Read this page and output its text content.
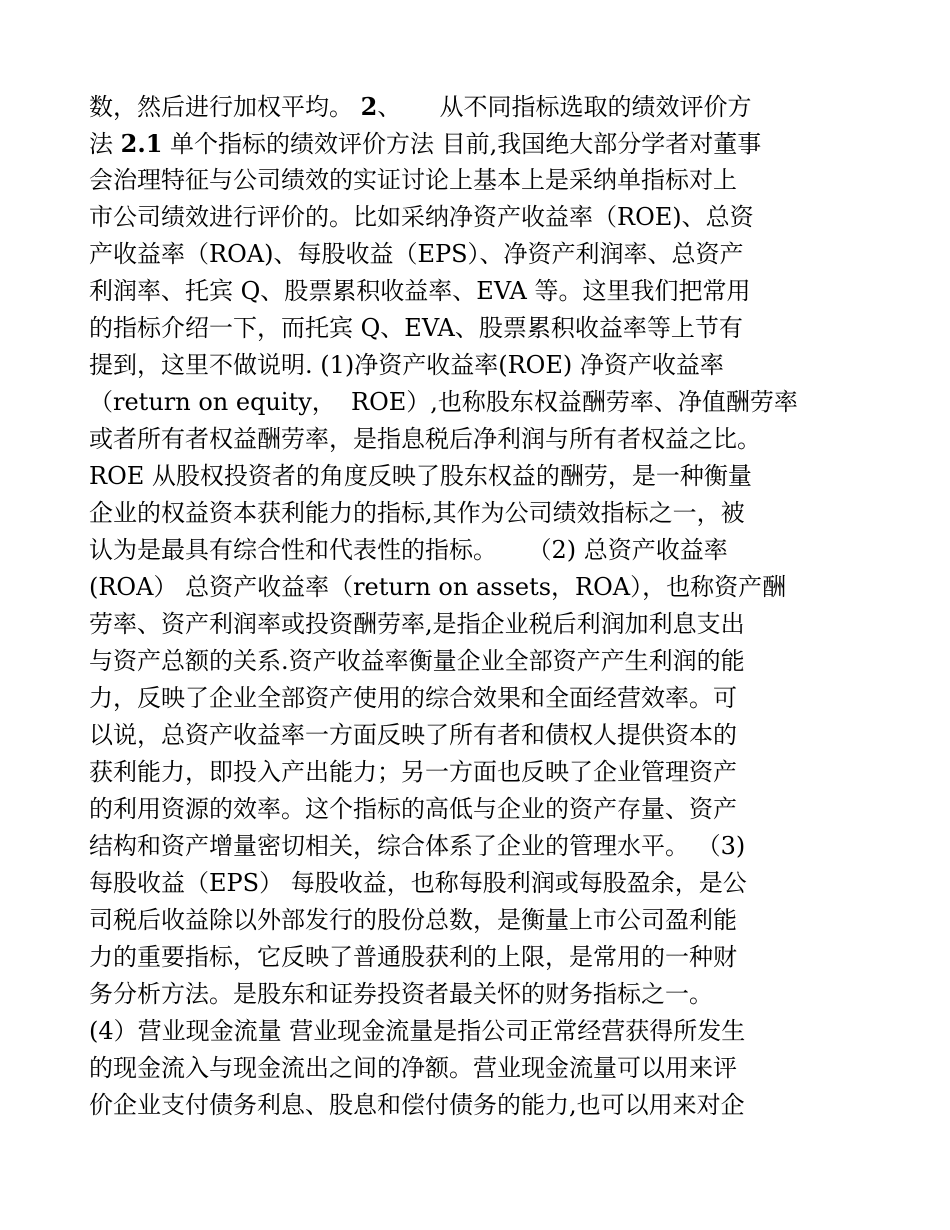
数，然后进行加权平均。 2、     从不同指标选取的绩效评价方
法 2.1 单个指标的绩效评价方法 目前,我国绝大部分学者对董事
会治理特征与公司绩效的实证讨论上基本上是采纳单指标对上
市公司绩效进行评价的。比如采纳净资产收益率（ROE)、总资
产收益率（ROA)、每股收益（EPS）、净资产利润率、总资产
利润率、托宾 Q、股票累积收益率、EVA 等。这里我们把常用
的指标介绍一下，而托宾 Q、EVA、股票累积收益率等上节有
提到，这里不做说明. (1)净资产收益率(ROE) 净资产收益率
（return on equity，  ROE）,也称股东权益酬劳率、净值酬劳率
或者所有者权益酬劳率，是指息税后净利润与所有者权益之比。
ROE 从股权投资者的角度反映了股东权益的酬劳，是一种衡量
企业的权益资本获利能力的指标,其作为公司绩效指标之一，被
认为是最具有综合性和代表性的指标。    （2) 总资产收益率
(ROA） 总资产收益率（return on assets，ROA），也称资产酬
劳率、资产利润率或投资酬劳率,是指企业税后利润加利息支出
与资产总额的关系.资产收益率衡量企业全部资产产生利润的能
力，反映了企业全部资产使用的综合效果和全面经营效率。可
以说，总资产收益率一方面反映了所有者和债权人提供资本的
获利能力，即投入产出能力；另一方面也反映了企业管理资产
的利用资源的效率。这个指标的高低与企业的资产存量、资产
结构和资产增量密切相关，综合体系了企业的管理水平。 （3)
每股收益（EPS） 每股收益，也称每股利润或每股盈余，是公
司税后收益除以外部发行的股份总数，是衡量上市公司盈利能
力的重要指标，它反映了普通股获利的上限，是常用的一种财
务分析方法。是股东和证券投资者最关怀的财务指标之一。
(4）营业现金流量 营业现金流量是指公司正常经营获得所发生
的现金流入与现金流出之间的净额。营业现金流量可以用来评
价企业支付债务利息、股息和偿付债务的能力,也可以用来对企
